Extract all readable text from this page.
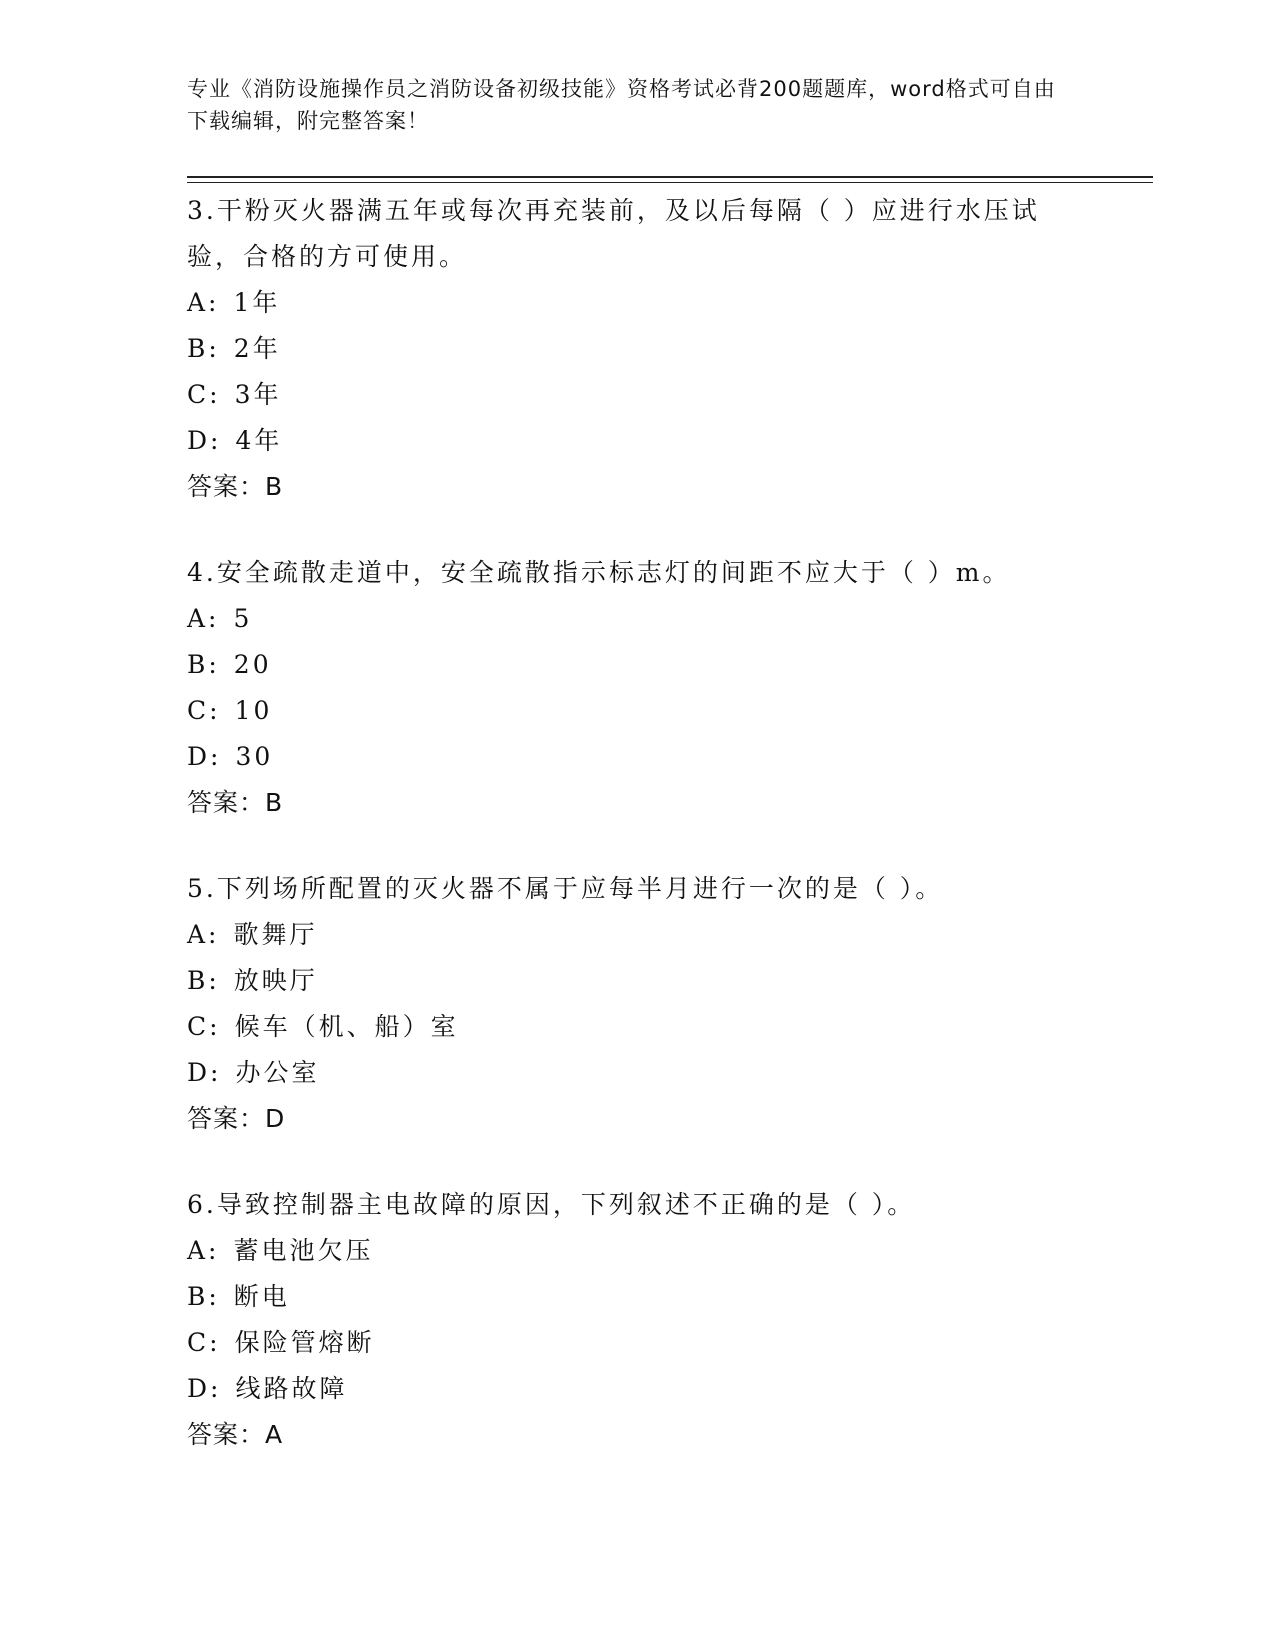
专业《消防设施操作员之消防设备初级技能》资格考试必背200题题库，word格式可自由下载编辑，附完整答案！
3.干粉灭火器满五年或每次再充装前，及以后每隔（ ）应进行水压试验，合格的方可使用。
A: 1年
B: 2年
C: 3年
D: 4年
答案：B
4.安全疏散走道中，安全疏散指示标志灯的间距不应大于（ ）m。
A: 5
B: 20
C: 10
D: 30
答案：B
5.下列场所配置的灭火器不属于应每半月进行一次的是（ ）。
A: 歌舞厅
B: 放映厅
C: 候车（机、船）室
D: 办公室
答案：D
6.导致控制器主电故障的原因，下列叙述不正确的是（ ）。
A: 蓄电池欠压
B: 断电
C: 保险管熔断
D: 线路故障
答案：A
